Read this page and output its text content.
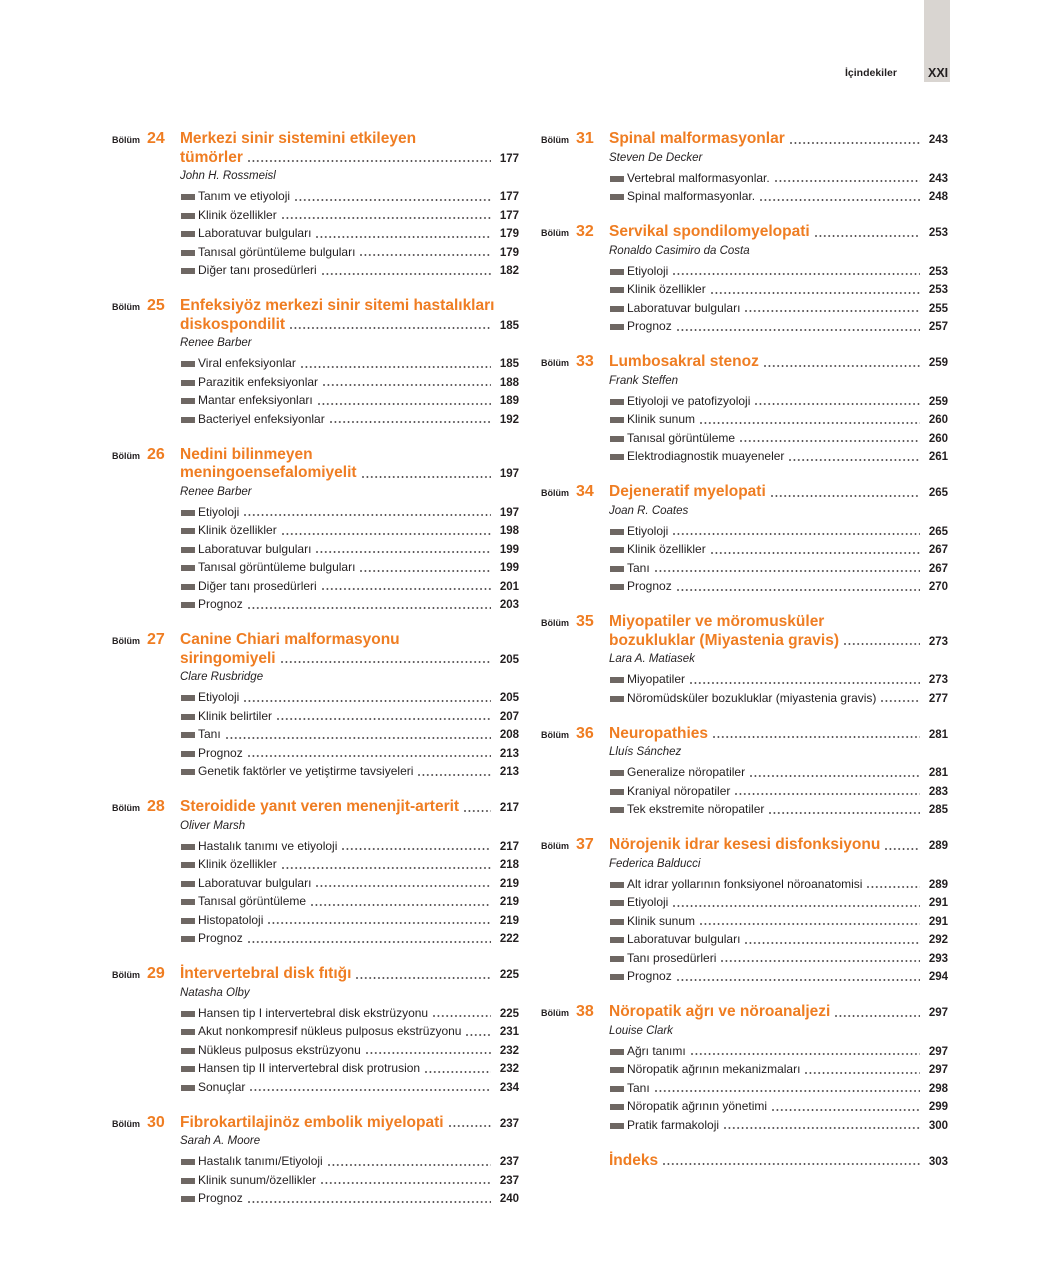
İçindekiler XXI
Bölüm 24 Merkezi sinir sistemini etkileyen
tümörler	177
John H. Rossmeisl
Tanım ve etiyoloji	177
Klinik özellikler	177
Laboratuvar bulguları	179
Tanısal görüntüleme bulguları	179
Diğer tanı prosedürleri	182
Bölüm 25 Enfeksiyöz merkezi sinir sitemi hastalıkları
diskospondilit	185
Renee Barber
Viral enfeksiyonlar	185
Parazitik enfeksiyonlar	188
Mantar enfeksiyonları	189
Bacteriyel enfeksiyonlar	192
Bölüm 26 Nedini bilinmeyen
meningoensefalomiyelit	197
Renee Barber
Etiyoloji	197
Klinik özellikler	198
Laboratuvar bulguları	199
Tanısal görüntüleme bulguları	199
Diğer tanı prosedürleri	201
Prognoz	203
Bölüm 27 Canine Chiari malformasyonu
siringomiyeli	205
Clare Rusbridge
Etiyoloji	205
Klinik belirtiler	207
Tanı	208
Prognoz	213
Genetik faktörler ve yetiştirme tavsiyeleri	213
Bölüm 28 Steroidide yanıt veren menenjit-arterit	217
Oliver Marsh
Hastalık tanımı ve etiyoloji	217
Klinik özellikler	218
Laboratuvar bulguları	219
Tanısal görüntüleme	219
Histopatoloji	219
Prognoz	222
Bölüm 29 İntervertebral disk fıtığı	225
Natasha Olby
Hansen tip I intervertebral disk ekstrüzyonu	225
Akut nonkompresif nükleus pulposus ekstrüzyonu	231
Nükleus pulposus ekstrüzyonu	232
Hansen tip II intervertebral disk protrusion	232
Sonuçlar	234
Bölüm 30 Fibrokartilajinöz embolik miyelopati	237
Sarah A. Moore
Hastalık tanımı/Etiyoloji	237
Klinik sunum/özellikler	237
Prognoz	240
Bölüm 31 Spinal malformasyonlar	243
Steven De Decker
Vertebral malformasyonlar.	243
Spinal malformasyonlar.	248
Bölüm 32 Servikal spondilomyelopati	253
Ronaldo Casimiro da Costa
Etiyoloji	253
Klinik özellikler	253
Laboratuvar bulguları	255
Prognoz	257
Bölüm 33 Lumbosakral stenoz	259
Frank Steffen
Etiyoloji ve patofizyoloji	259
Klinik sunum	260
Tanısal görüntüleme	260
Elektrodiagnostik muayeneler	261
Bölüm 34 Dejeneratif myelopati	265
Joan R. Coates
Etiyoloji	265
Klinik özellikler	267
Tanı	267
Prognoz	270
Bölüm 35 Miyopatiler ve möromusküler
bozukluklar (Miyastenia gravis)	273
Lara A. Matiasek
Miyopatiler	273
Nöromüdsküler bozukluklar (miyastenia gravis)	277
Bölüm 36 Neuropathies	281
Lluís Sánchez
Generalize nöropatiler	281
Kraniyal nöropatiler	283
Tek ekstremite nöropatiler	285
Bölüm 37 Nörojenik idrar kesesi disfonksiyonu	289
Federica Balducci
Alt idrar yollarının fonksiyonel nöroanatomisi	289
Etiyoloji	291
Klinik sunum	291
Laboratuvar bulguları	292
Tanı prosedürleri	293
Prognoz	294
Bölüm 38 Nöropatik ağrı ve nöroanaljezi	297
Louise Clark
Ağrı tanımı	297
Nöropatik ağrının mekanizmaları	297
Tanı	298
Nöropatik ağrının yönetimi	299
Pratik farmakoloji	300
İndeks	303
